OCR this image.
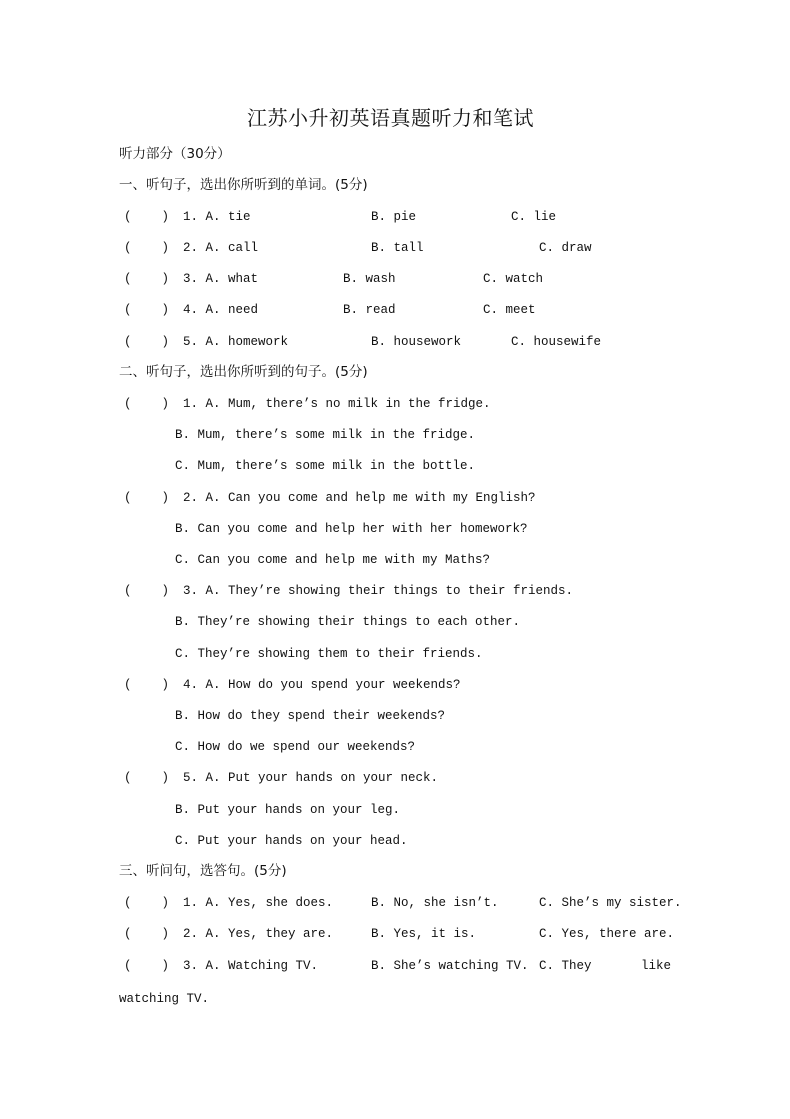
江苏小升初英语真题听力和笔试
听力部分（30分）
一、听句子，选出你所听到的单词。(5分)
(    ) 1. A. tie	B. pie	C. lie
(    ) 2. A. call	B. tall	C. draw
(    ) 3. A. what	B. wash	C. watch
(    ) 4. A. need	B. read	C. meet
(    ) 5. A. homework	B. housework	C. housewife
二、听句子，选出你所听到的句子。(5分)
(    ) 1. A. Mum, there’s no milk in the fridge.
B. Mum, there’s some milk in the fridge.
C. Mum, there’s some milk in the bottle.
(    ) 2. A. Can you come and help me with my English?
B. Can you come and help her with her homework?
C. Can you come and help me with my Maths?
(    ) 3. A. They’re showing their things to their friends.
B. They’re showing their things to each other.
C. They’re showing them to their friends.
(    ) 4. A. How do you spend your weekends?
B. How do they spend their weekends?
C. How do we spend our weekends?
(    ) 5. A. Put your hands on your neck.
B. Put your hands on your leg.
C. Put your hands on your head.
三、听问句，选答句。(5分)
(    ) 1. A. Yes, she does.	B. No, she isn’t.	C. She’s my sister.
(    ) 2. A. Yes, they are.	B. Yes, it is.	C. Yes, there are.
(    ) 3. A. Watching TV.	B. She’s watching TV. C. They	like
watching TV.
